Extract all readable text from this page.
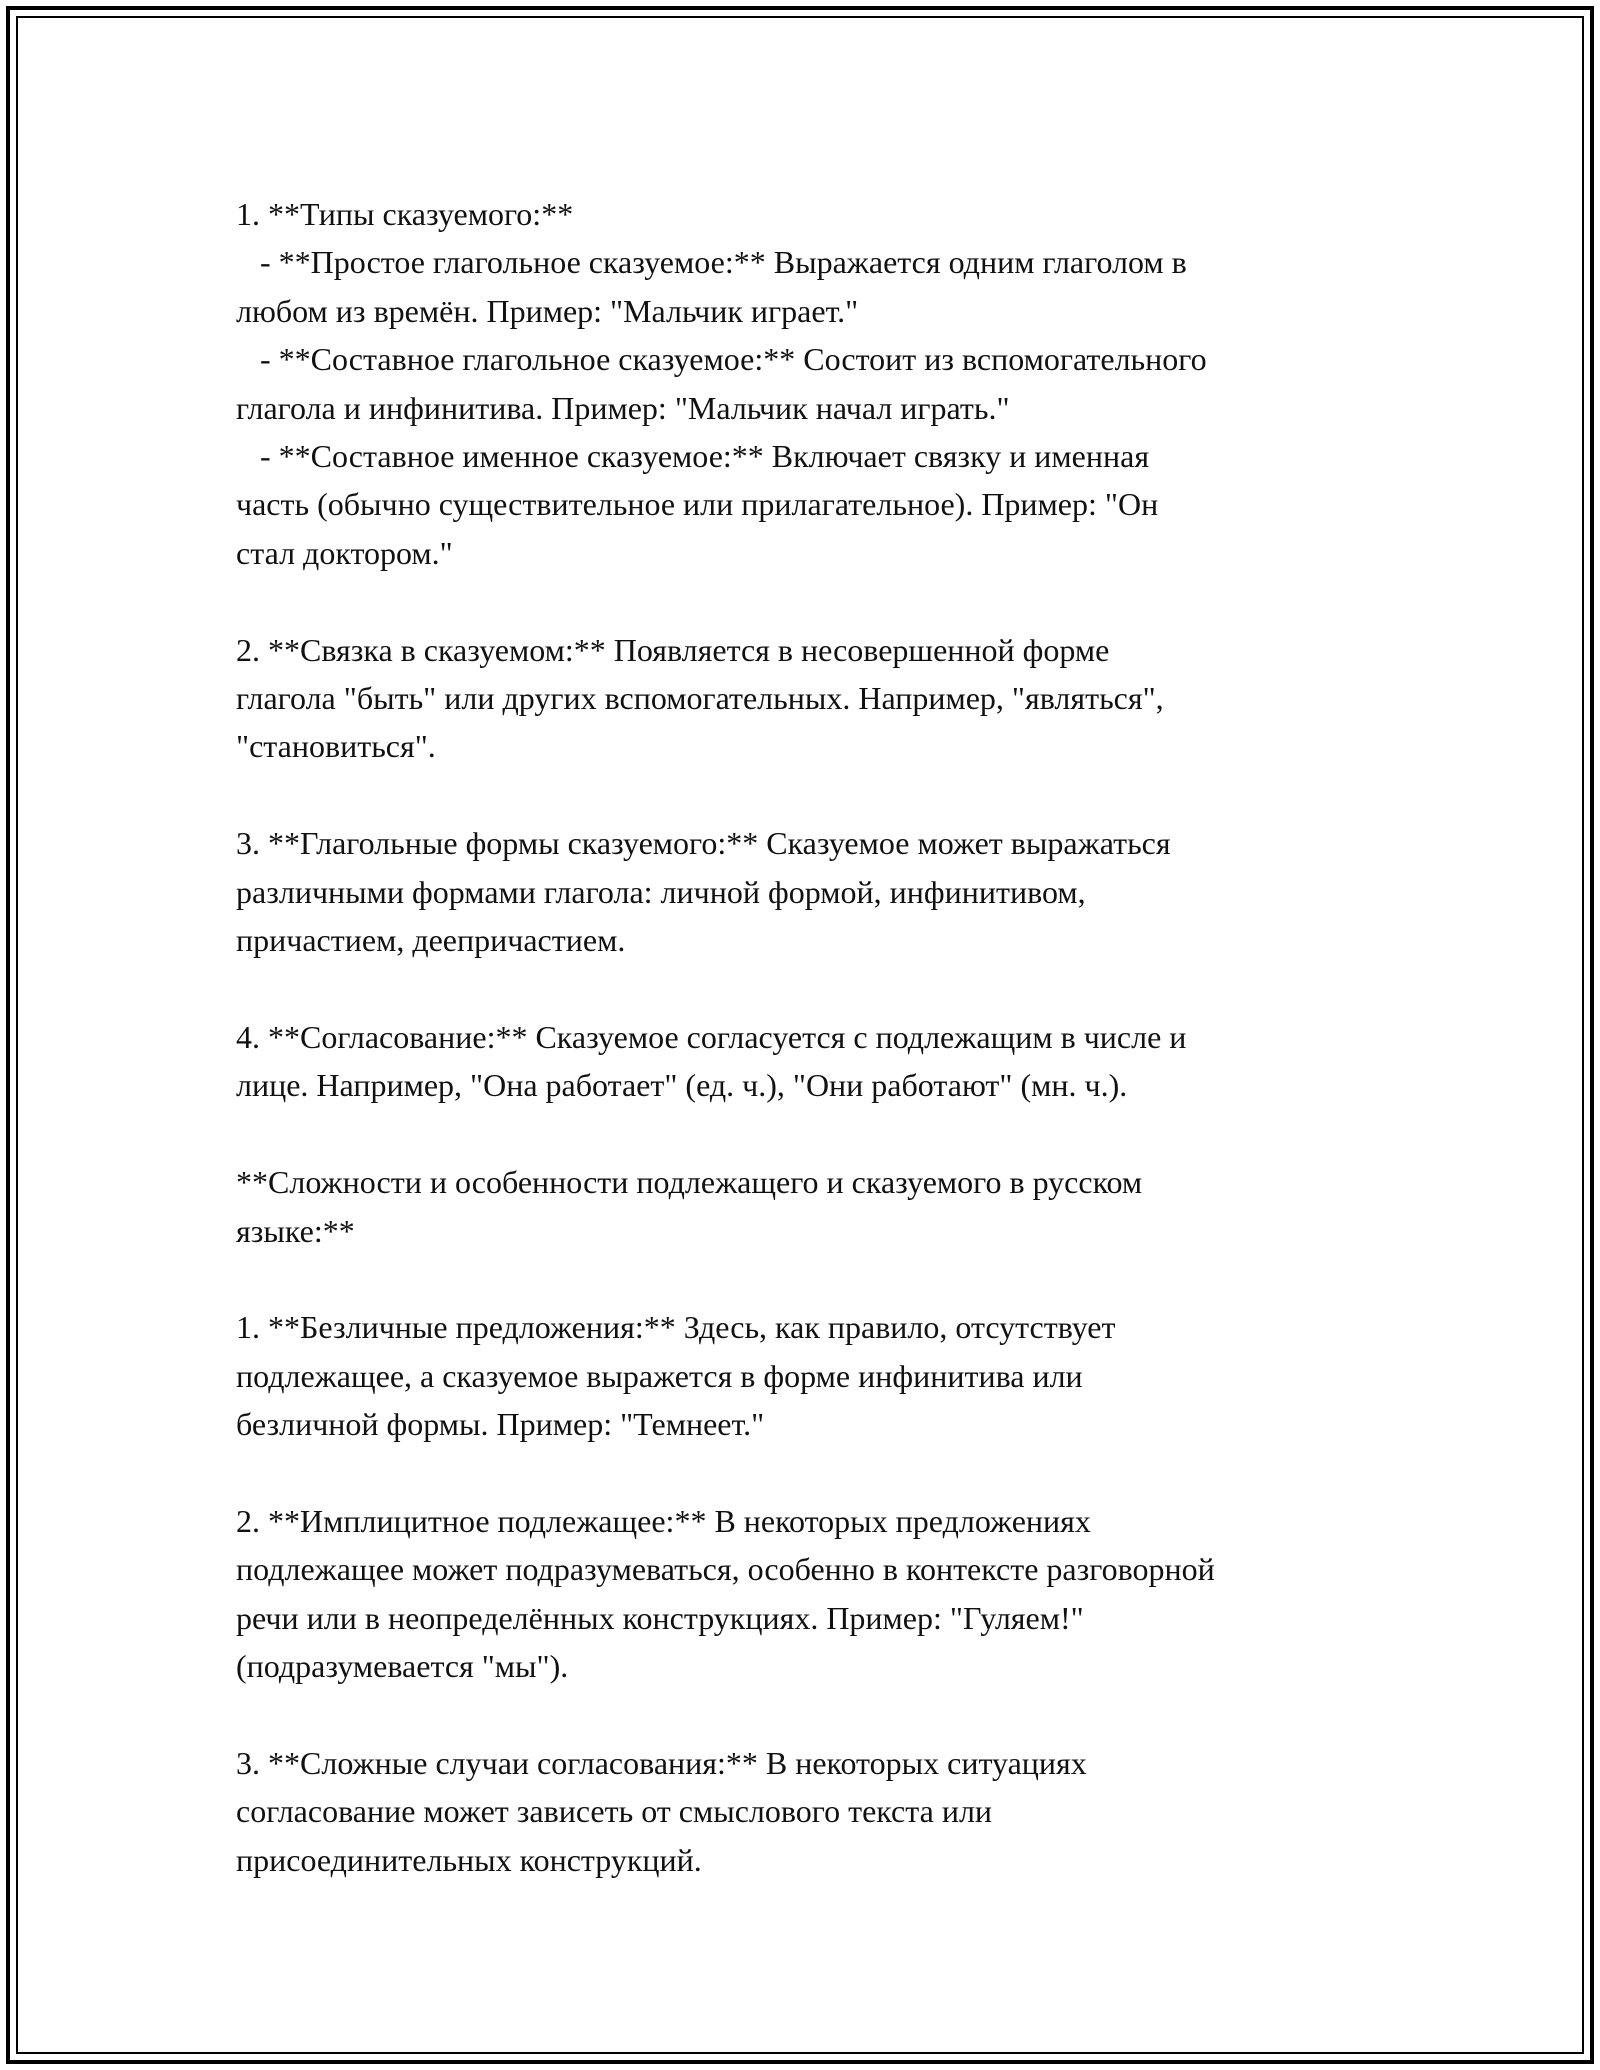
1. **Типы сказуемого:**
- **Простое глагольное сказуемое:** Выражается одним глаголом в
любом из времён. Пример: "Мальчик играет."
- **Составное глагольное сказуемое:** Состоит из вспомогательного
глагола и инфинитива. Пример: "Мальчик начал играть."
- **Составное именное сказуемое:** Включает связку и именная
часть (обычно существительное или прилагательное). Пример: "Он
стал доктором."

2. **Связка в сказуемом:** Появляется в несовершенной форме
глагола "быть" или других вспомогательных. Например, "являться",
"становиться".

3. **Глагольные формы сказуемого:** Сказуемое может выражаться
различными формами глагола: личной формой, инфинитивом,
причастием, деепричастием.

4. **Согласование:** Сказуемое согласуется с подлежащим в числе и
лице. Например, "Она работает" (ед. ч.), "Они работают" (мн. ч.).

**Сложности и особенности подлежащего и сказуемого в русском
языке:**

1. **Безличные предложения:** Здесь, как правило, отсутствует
подлежащее, а сказуемое выражется в форме инфинитива или
безличной формы. Пример: "Темнеет."

2. **Имплицитное подлежащее:** В некоторых предложениях
подлежащее может подразумеваться, особенно в контексте разговорной
речи или в неопределённых конструкциях. Пример: "Гуляем!"
(подразумевается "мы").

3. **Сложные случаи согласования:** В некоторых ситуациях
согласование может зависеть от смыслового текста или
присоединительных конструкций.
